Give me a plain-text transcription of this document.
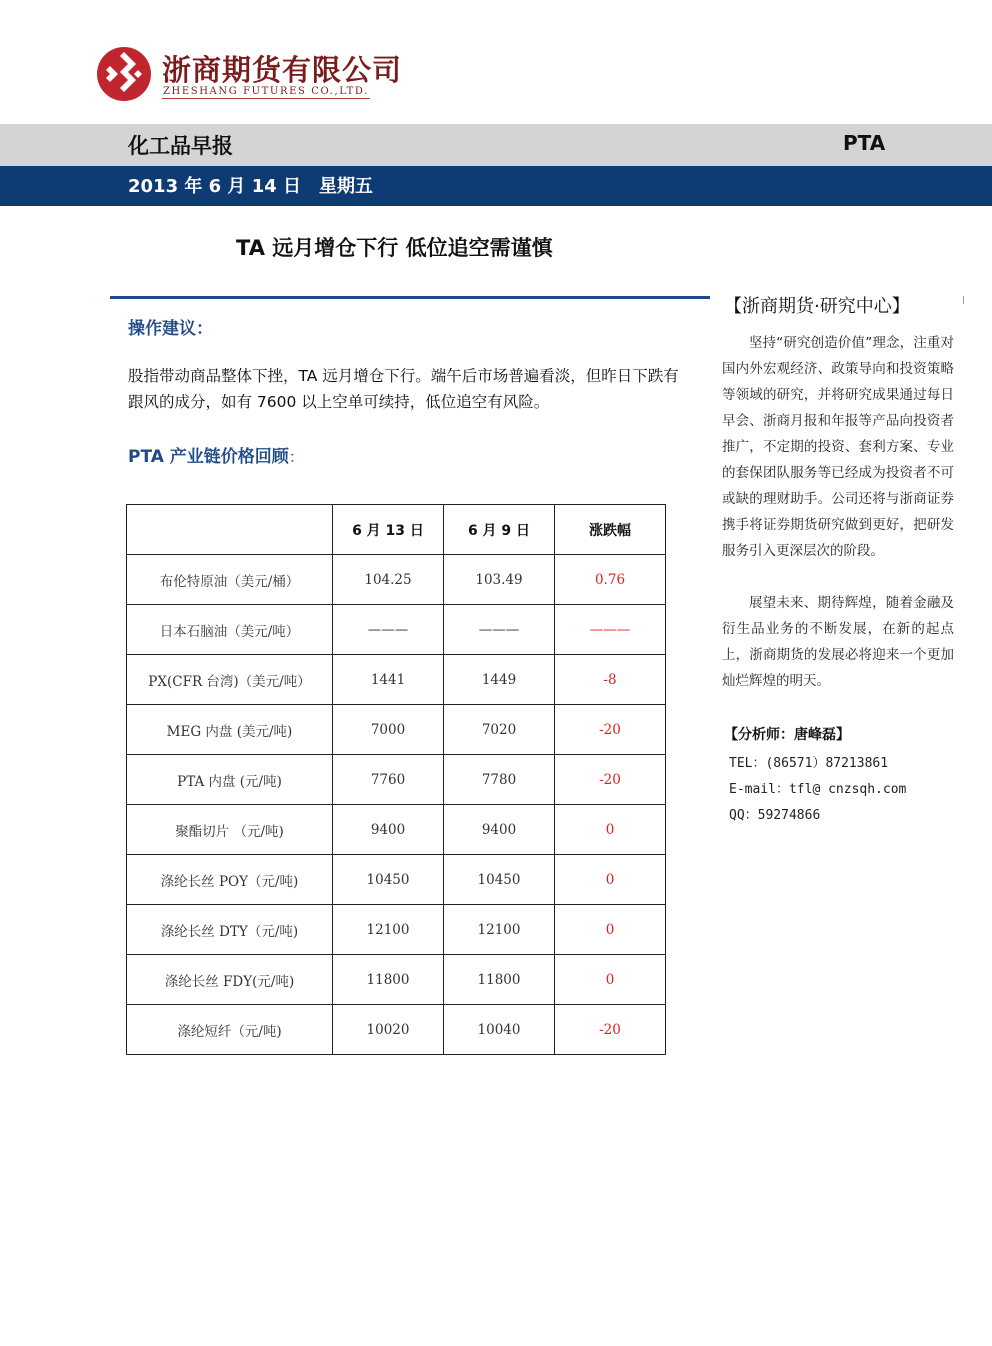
浙商期货有限公司
ZHESHANG FUTURES CO.,LTD.
化工品早报	PTA
2013 年 6 月 14 日　星期五
TA 远月增仓下行 低位追空需谨慎
操作建议：
股指带动商品整体下挫，TA 远月增仓下行。端午后市场普遍看淡，但昨日下跌有跟风的成分，如有 7600 以上空单可续持，低位追空有风险。
PTA 产业链价格回顾：
	6 月 13 日	6 月 9 日	涨跌幅
布伦特原油（美元/桶）	104.25	103.49	0.76
日本石脑油（美元/吨）	———	———	———
PX(CFR 台湾)（美元/吨）	1441	1449	-8
MEG 内盘 (美元/吨)	7000	7020	-20
PTA 内盘 (元/吨)	7760	7780	-20
聚酯切片 （元/吨)	9400	9400	0
涤纶长丝 POY（元/吨)	10450	10450	0
涤纶长丝 DTY（元/吨)	12100	12100	0
涤纶长丝 FDY(元/吨)	11800	11800	0
涤纶短纤（元/吨)	10020	10040	-20
【浙商期货·研究中心】
坚持“研究创造价值”理念，注重对国内外宏观经济、政策导向和投资策略等领域的研究，并将研究成果通过每日早会、浙商月报和年报等产品向投资者推广，不定期的投资、套利方案、专业的套保团队服务等已经成为投资者不可或缺的理财助手。公司还将与浙商证券携手将证券期货研究做到更好，把研发服务引入更深层次的阶段。
展望未来、期待辉煌，随着金融及衍生品业务的不断发展，在新的起点上，浙商期货的发展必将迎来一个更加灿烂辉煌的明天。
【分析师：唐峰磊】
TEL：(86571）87213861
E-mail：tfl@ cnzsqh.com
QQ：59274866
